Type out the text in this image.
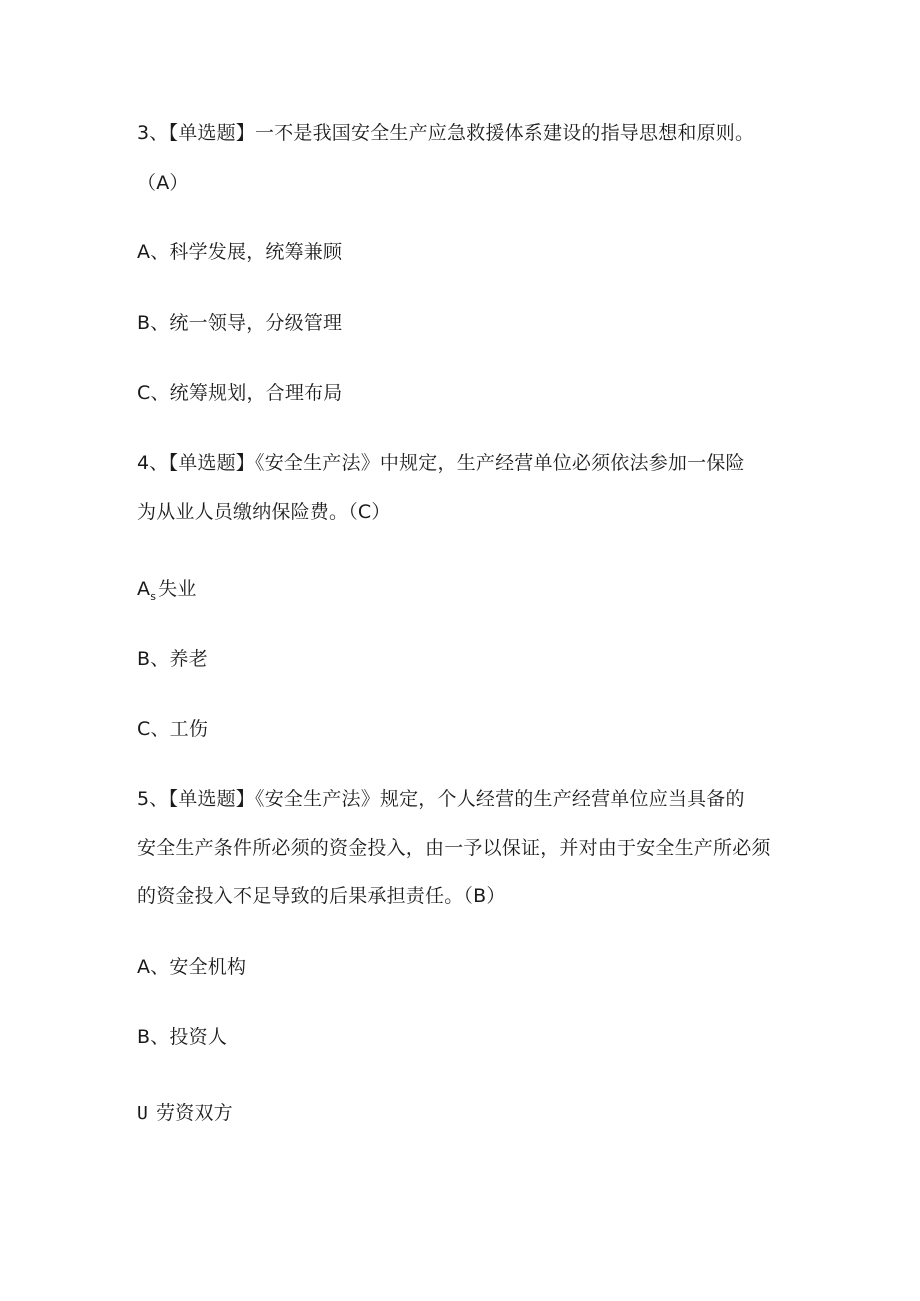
3、【单选题】一不是我国安全生产应急救援体系建设的指导思想和原则。
（A）
A、科学发展，统筹兼顾
B、统一领导，分级管理
C、统筹规划，合理布局
4、【单选题】《安全生产法》中规定，生产经营单位必须依法参加一保险
为从业人员缴纳保险费。（C）
$A_s$ 失业
B、养老
C、工伤
5、【单选题】《安全生产法》规定，个人经营的生产经营单位应当具备的
安全生产条件所必须的资金投入，由一予以保证，并对由于安全生产所必须
的资金投入不足导致的后果承担责任。（B）
A、安全机构
B、投资人
U 劳资双方
